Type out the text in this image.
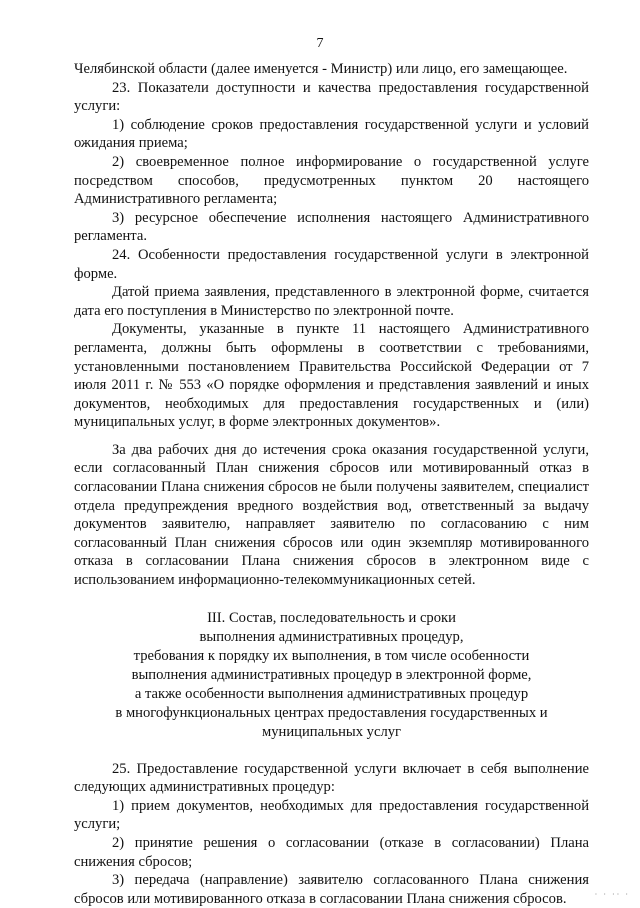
7

Челябинской области (далее именуется - Министр) или лицо, его замещающее.

23. Показатели доступности и качества предоставления государственной услуги:

1) соблюдение сроков предоставления государственной услуги и условий ожидания приема;

2) своевременное полное информирование о государственной услуге посредством способов, предусмотренных пунктом 20 настоящего Административного регламента;

3) ресурсное обеспечение исполнения настоящего Административного регламента.

24. Особенности предоставления государственной услуги в электронной форме.

Датой приема заявления, представленного в электронной форме, считается дата его поступления в Министерство по электронной почте.

Документы, указанные в пункте 11 настоящего Административного регламента, должны быть оформлены в соответствии с требованиями, установленными постановлением Правительства Российской Федерации от 7 июля 2011 г. № 553 «О порядке оформления и представления заявлений и иных документов, необходимых для предоставления государственных и (или) муниципальных услуг, в форме электронных документов».

За два рабочих дня до истечения срока оказания государственной услуги, если согласованный План снижения сбросов или мотивированный отказ в согласовании Плана снижения сбросов не были получены заявителем, специалист отдела предупреждения вредного воздействия вод, ответственный за выдачу документов заявителю, направляет заявителю по согласованию с ним согласованный План снижения сбросов или один экземпляр мотивированного отказа в согласовании Плана снижения сбросов в электронном виде с использованием информационно-телекоммуникационных сетей.

III. Состав, последовательность и сроки
выполнения административных процедур,
требования к порядку их выполнения, в том числе особенности
выполнения административных процедур в электронной форме,
а также особенности выполнения административных процедур
в многофункциональных центрах предоставления государственных и
муниципальных услуг

25. Предоставление государственной услуги включает в себя выполнение следующих административных процедур:

1) прием документов, необходимых для предоставления государственной услуги;

2) принятие решения о согласовании (отказе в согласовании) Плана снижения сбросов;

3) передача (направление) заявителю согласованного Плана снижения сбросов или мотивированного отказа в согласовании Плана снижения сбросов.	· · ·· ·
